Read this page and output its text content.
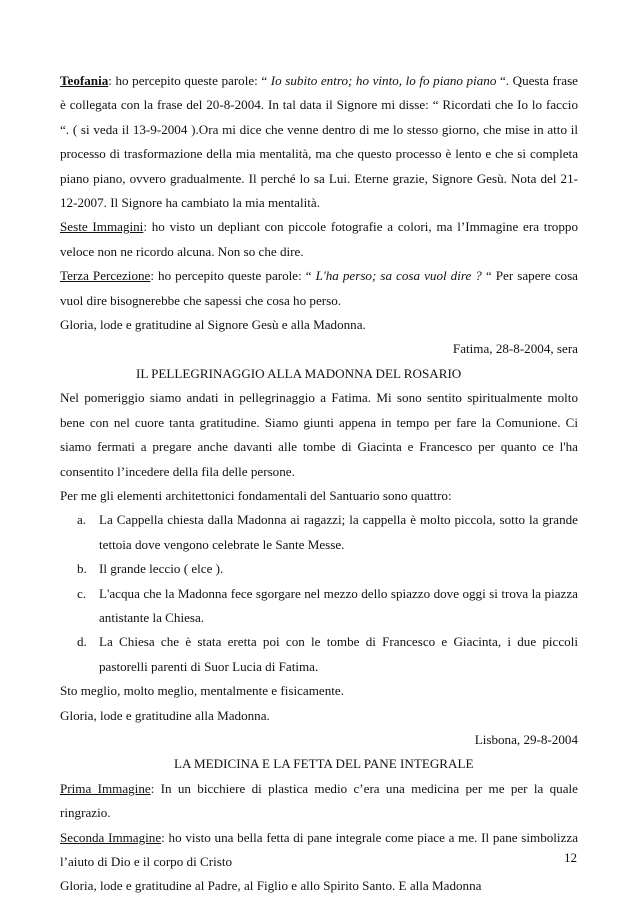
Teofania: ho percepito queste parole: “ Io subito entro; ho vinto, lo fo piano piano “. Questa frase è collegata con la frase del 20-8-2004. In tal data il Signore mi disse: “ Ricordati che Io lo faccio “. ( si veda il 13-9-2004 ).Ora mi dice che venne dentro di me lo stesso giorno, che mise in atto il processo di trasformazione della mia mentalità, ma che questo processo è lento e che si completa piano piano, ovvero gradualmente. Il perché lo sa Lui. Eterne grazie, Signore Gesù. Nota del 21-12-2007. Il Signore ha cambiato la mia mentalità.

Seste Immagini: ho visto un depliant con piccole fotografie a colori, ma l’Immagine era troppo veloce non ne ricordo alcuna. Non so che dire.

Terza Percezione: ho percepito queste parole: “ L'ha perso; sa cosa vuol dire ? “ Per sapere cosa vuol dire bisognerebbe che sapessi che cosa ho perso.

Gloria, lode e gratitudine al Signore Gesù e alla Madonna.

Fatima, 28-8-2004, sera

IL PELLEGRINAGGIO ALLA MADONNA DEL ROSARIO

Nel pomeriggio siamo andati in pellegrinaggio a Fatima. Mi sono sentito spiritualmente molto bene con nel cuore tanta gratitudine. Siamo giunti appena in tempo per fare la Comunione. Ci siamo fermati a pregare anche davanti alle tombe di Giacinta e Francesco per quanto ce l'ha consentito l’incedere della fila delle persone.

Per me gli elementi architettonici fondamentali del Santuario sono quattro:

a. La Cappella chiesta dalla Madonna ai ragazzi; la cappella è molto piccola, sotto la grande tettoia dove vengono celebrate le Sante Messe.
b. Il grande leccio ( elce ).
c. L'acqua che la Madonna fece sgorgare nel mezzo dello spiazzo dove oggi si trova la piazza antistante la Chiesa.
d. La Chiesa che è stata eretta poi con le tombe di Francesco e Giacinta, i due piccoli pastorelli parenti di Suor Lucia di Fatima.

Sto meglio, molto meglio, mentalmente e fisicamente.

Gloria, lode e gratitudine alla Madonna.

Lisbona, 29-8-2004

LA MEDICINA E LA FETTA DEL PANE INTEGRALE

Prima Immagine: In un bicchiere di plastica medio c’era una medicina per me per la quale ringrazio.

Seconda Immagine: ho visto una bella fetta di pane integrale come piace a me. Il pane simbolizza l’aiuto di Dio e il corpo di Cristo

Gloria, lode e gratitudine al Padre, al Figlio e allo Spirito Santo. E alla Madonna

12
